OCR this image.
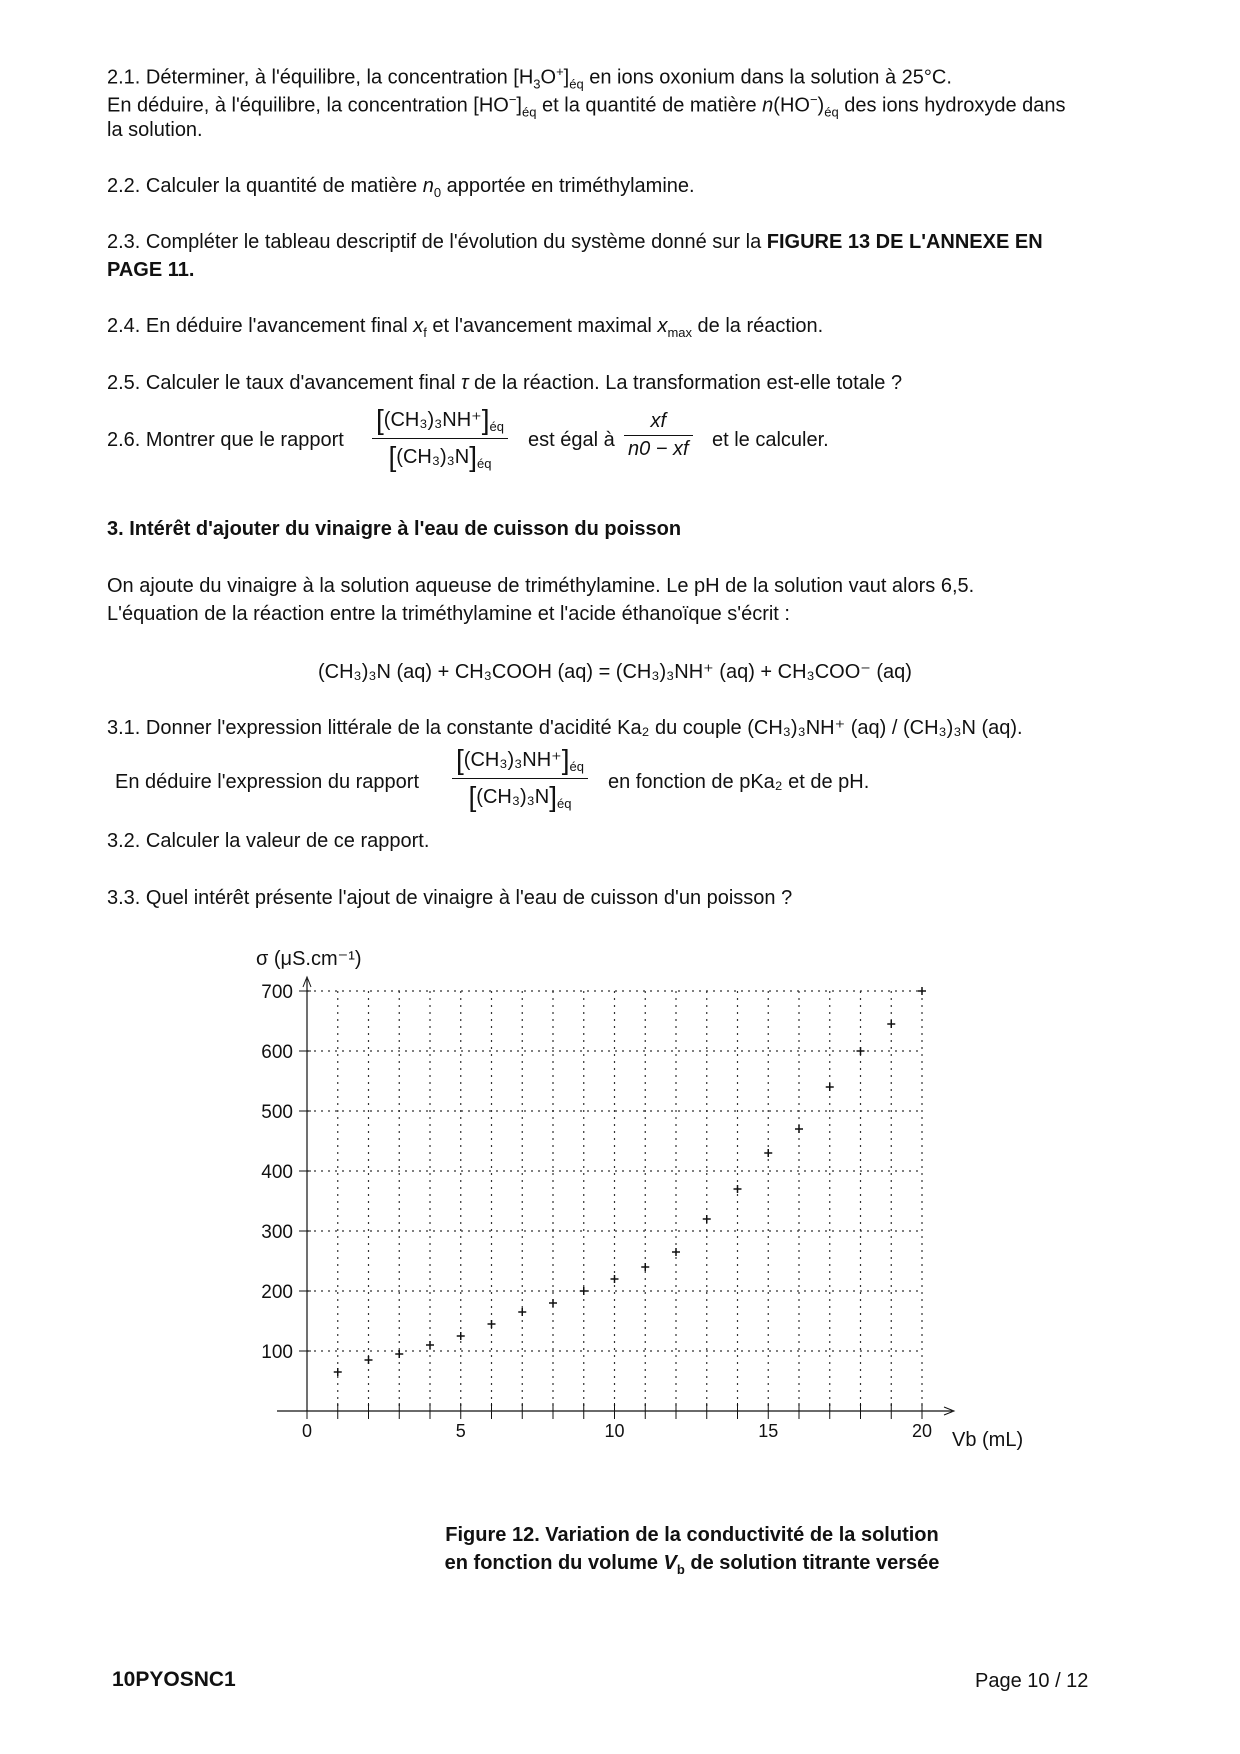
2.1. Déterminer, à l'équilibre, la concentration $[H_3O^+]_{éq}$ en ions oxonium dans la solution à 25°C.
En déduire, à l'équilibre, la concentration $[HO^-]_{éq}$ et la quantité de matière $n(HO^-)_{éq}$ des ions hydroxyde dans
la solution.
2.2. Calculer la quantité de matière $n_0$ apportée en triméthylamine.
2.3. Compléter le tableau descriptif de l'évolution du système donné sur la FIGURE 13 DE L'ANNEXE EN
PAGE 11.
2.4. En déduire l'avancement final $x_f$ et l'avancement maximal $x_{max}$ de la réaction.
2.5. Calculer le taux d'avancement final τ de la réaction. La transformation est-elle totale ?
2.6. Montrer que le rapport
$[(CH_3)_3NH^+]_{éq}$
$[(CH_3)_3N]_{éq}$
est égal à
xf
n0 − xf et le calculer.
3. Intérêt d'ajouter du vinaigre à l'eau de cuisson du poisson
On ajoute du vinaigre à la solution aqueuse de triméthylamine. Le pH de la solution vaut alors 6,5.
L'équation de la réaction entre la triméthylamine et l'acide éthanoïque s'écrit :
(CH₃)₃N (aq) + CH₃COOH (aq) = (CH₃)₃NH⁺ (aq) + CH₃COO⁻ (aq)
3.1. Donner l'expression littérale de la constante d'acidité Ka₂ du couple (CH₃)₃NH⁺ (aq) / (CH₃)₃N (aq).
En déduire l'expression du rapport
$[(CH_3)_3NH^+]_{éq}$
$[(CH_3)_3N]_{éq}$
en fonction de pKa₂ et de pH.
3.2. Calculer la valeur de ce rapport.
3.3. Quel intérêt présente l'ajout de vinaigre à l'eau de cuisson d'un poisson ?
0	5	10	15	20
100
200
300
400
500
600
700
σ (μS.cm⁻¹)
Vb (mL)
Figure 12. Variation de la conductivité de la solution
en fonction du volume $V_b$ de solution titrante versée
10PYOSNC1	Page 10 / 12
